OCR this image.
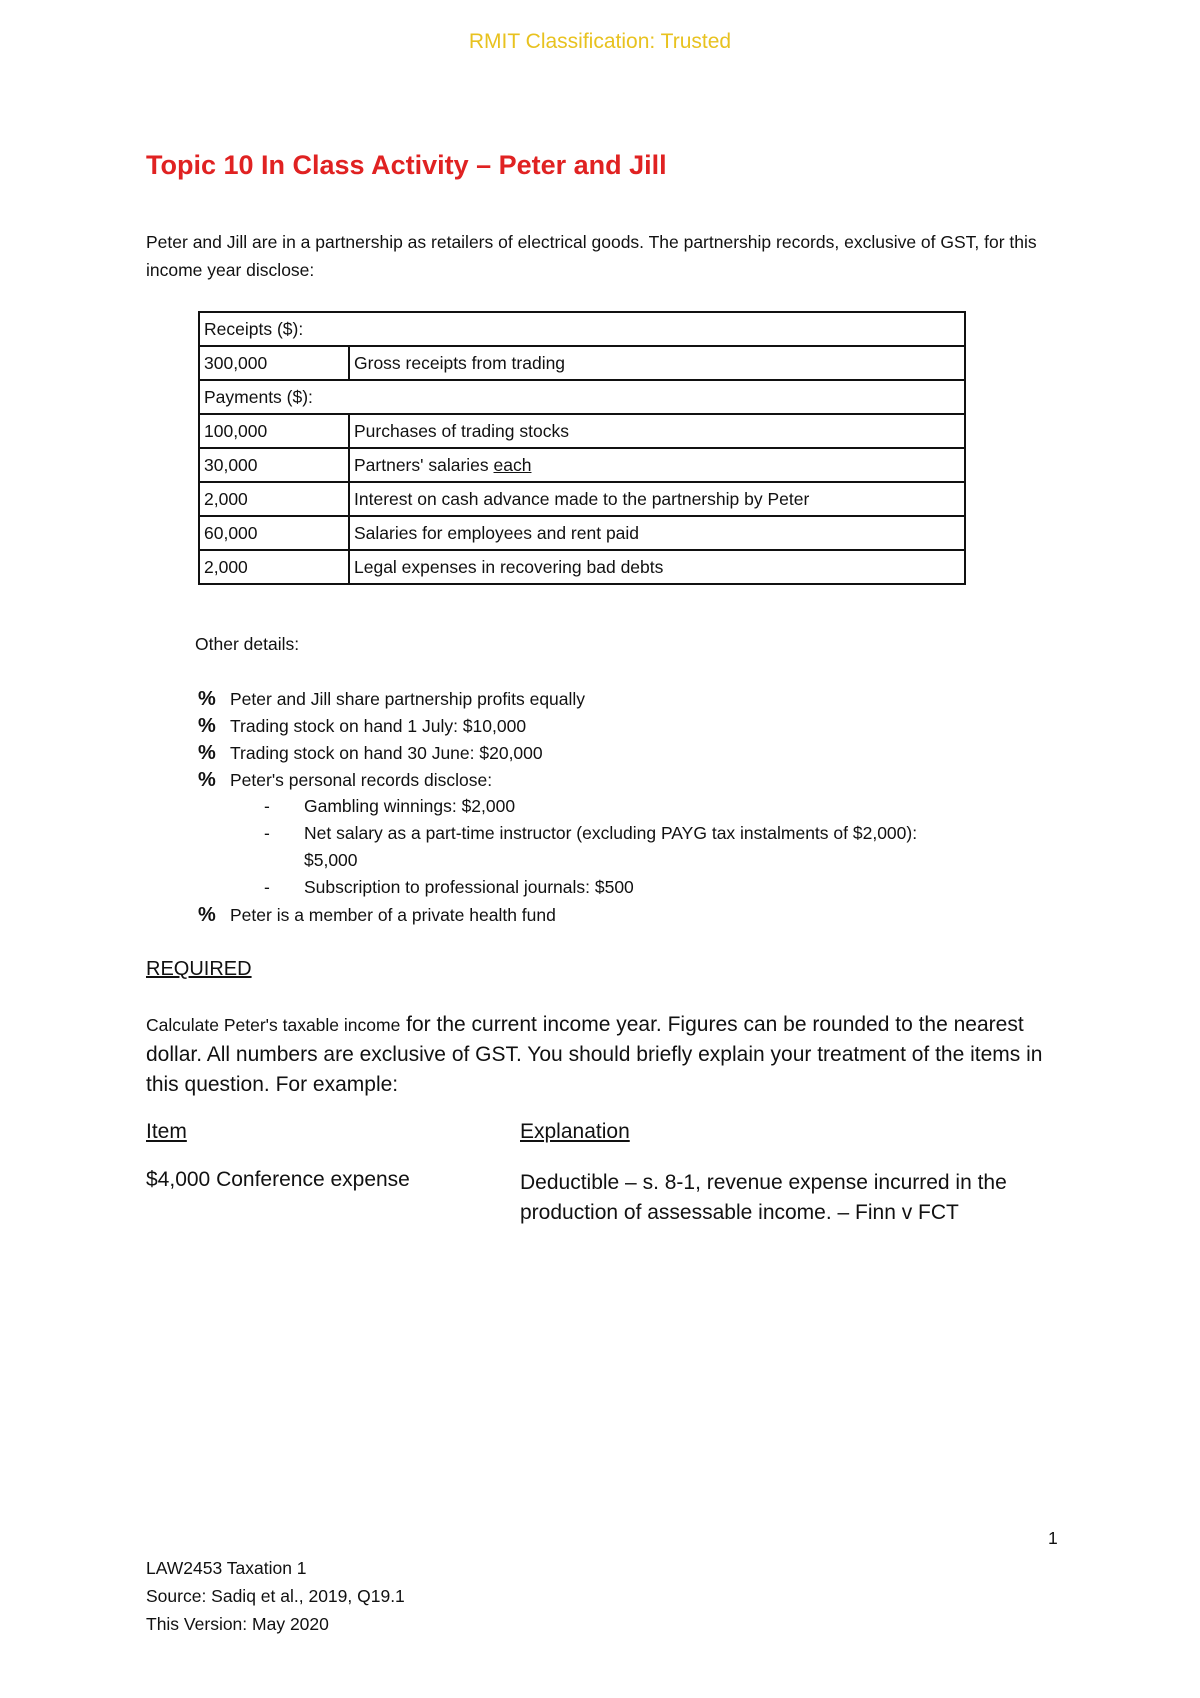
RMIT Classification: Trusted
Topic 10 In Class Activity – Peter and Jill
Peter and Jill are in a partnership as retailers of electrical goods. The partnership records, exclusive of GST, for this income year disclose:
Receipts ($):	
300,000	Gross receipts from trading
Payments ($):	
100,000	Purchases of trading stocks
30,000	Partners' salaries each
2,000	Interest on cash advance made to the partnership by Peter
60,000	Salaries for employees and rent paid
2,000	Legal expenses in recovering bad debts
Other details:
% Peter and Jill share partnership profits equally
% Trading stock on hand 1 July: $10,000
% Trading stock on hand 30 June: $20,000
% Peter's personal records disclose:
- Gambling winnings: $2,000
- Net salary as a part-time instructor (excluding PAYG tax instalments of $2,000):
$5,000
- Subscription to professional journals: $500
% Peter is a member of a private health fund
REQUIRED
Calculate Peter's taxable income for the current income year. Figures can be rounded to the nearest dollar. All numbers are exclusive of GST. You should briefly explain your treatment of the items in this question. For example:
Item	Explanation
$4,000 Conference expense	Deductible – s. 8-1, revenue expense incurred in the production of assessable income. – Finn v FCT
1
LAW2453 Taxation 1
Source: Sadiq et al., 2019, Q19.1
This Version: May 2020
